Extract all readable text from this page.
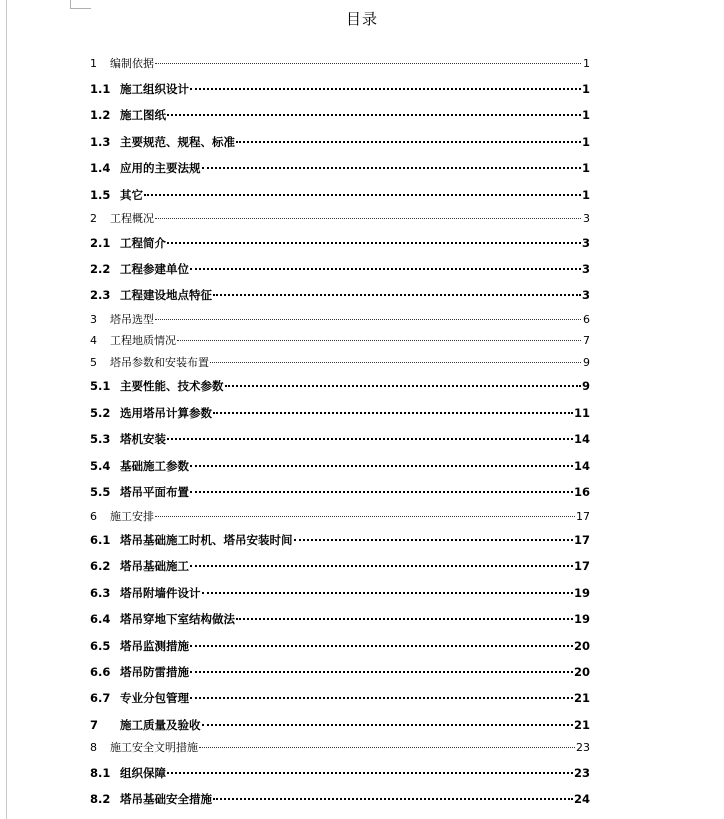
目录
1	编制依据	1
1.1 施工组织设计	1
1.2 施工图纸	1
1.3 主要规范、规程、标准	1
1.4 应用的主要法规	1
1.5 其它	1
2	工程概况	3
2.1 工程简介	3
2.2 工程参建单位	3
2.3 工程建设地点特征	3
3	塔吊选型	6
4	工程地质情况	7
5	塔吊参数和安装布置	9
5.1 主要性能、技术参数	9
5.2 选用塔吊计算参数	11
5.3 塔机安装	14
5.4 基础施工参数	14
5.5 塔吊平面布置	16
6	施工安排	17
6.1 塔吊基础施工时机、塔吊安装时间	17
6.2 塔吊基础施工	17
6.3 塔吊附墙件设计	19
6.4 塔吊穿地下室结构做法	19
6.5 塔吊监测措施	20
6.6 塔吊防雷措施	20
6.7 专业分包管理	21
7	施工质量及验收	21
8	施工安全文明措施	23
8.1 组织保障	23
8.2 塔吊基础安全措施	24
